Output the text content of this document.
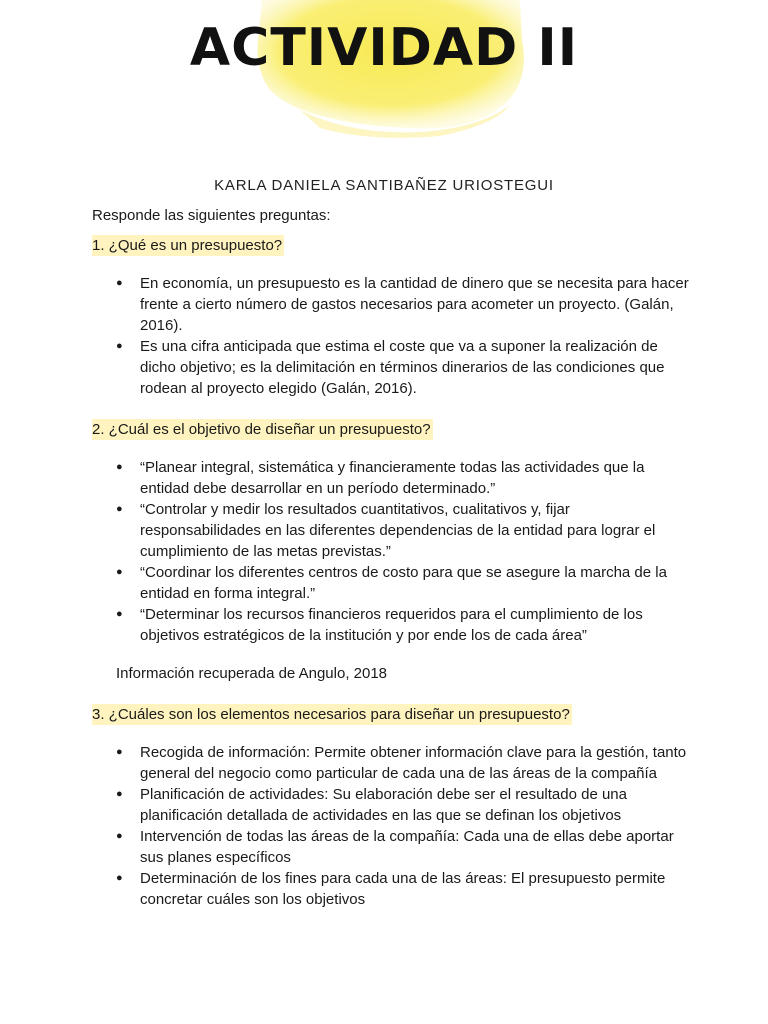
ACTIVIDAD II
KARLA DANIELA SANTIBAÑEZ URIOSTEGUI

Responde las siguientes preguntas:

1. ¿Qué es un presupuesto?

● En economía, un presupuesto es la cantidad de dinero que se necesita para hacer frente a cierto número de gastos necesarios para acometer un proyecto. (Galán, 2016).
● Es una cifra anticipada que estima el coste que va a suponer la realización de dicho objetivo; es la delimitación en términos dinerarios de las condiciones que rodean al proyecto elegido (Galán, 2016).

2. ¿Cuál es el objetivo de diseñar un presupuesto?

● “Planear integral, sistemática y financieramente todas las actividades que la entidad debe desarrollar en un período determinado.”
● “Controlar y medir los resultados cuantitativos, cualitativos y, fijar responsabilidades en las diferentes dependencias de la entidad para lograr el cumplimiento de las metas previstas.”
● “Coordinar los diferentes centros de costo para que se asegure la marcha de la entidad en forma integral.”
● “Determinar los recursos financieros requeridos para el cumplimiento de los objetivos estratégicos de la institución y por ende los de cada área”

Información recuperada de Angulo, 2018

3. ¿Cuáles son los elementos necesarios para diseñar un presupuesto?

● Recogida de información: Permite obtener información clave para la gestión, tanto general del negocio como particular de cada una de las áreas de la compañía
● Planificación de actividades: Su elaboración debe ser el resultado de una planificación detallada de actividades en las que se definan los objetivos
● Intervención de todas las áreas de la compañía: Cada una de ellas debe aportar sus planes específicos
● Determinación de los fines para cada una de las áreas: El presupuesto permite concretar cuáles son los objetivos
